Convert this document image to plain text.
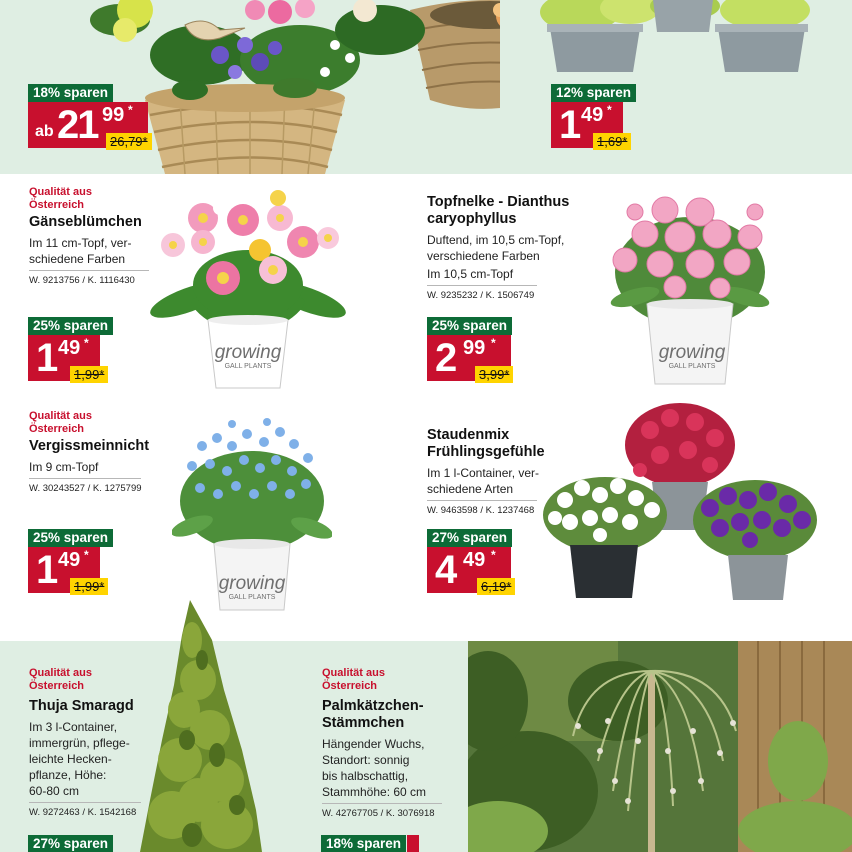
18% sparen
ab 21 99 *
26,79*
12% sparen
1 49 *
1,69*
Qualität aus
Österreich
Gänseblümchen
Im 11 cm-Topf, ver-
schiedene Farben
W. 9213756 / K. 1116430
growing
GALL PLANTS
25% sparen
1 49 *
1,99*
Topfnelke - Dianthus
caryophyllus
Duftend, im 10,5 cm-Topf,
verschiedene Farben
Im 10,5 cm-Topf
W. 9235232 / K. 1506749
growing
GALL PLANTS
25% sparen
2 99 *
3,99*
Qualität aus
Österreich
Vergissmeinnicht
Im 9 cm-Topf
W. 30243527 / K. 1275799
growing
GALL PLANTS
25% sparen
1 49 *
1,99*
Staudenmix
Frühlingsgefühle
Im 1 l-Container, ver-
schiedene Arten
W. 9463598 / K. 1237468
27% sparen
4 49 *
6,19*
Qualität aus
Österreich
Thuja Smaragd
Im 3 l-Container,
immergrün, pflege-
leichte Hecken-
pflanze, Höhe:
60-80 cm
W. 9272463 / K. 1542168
27% sparen
Qualität aus
Österreich
Palmkätzchen-
Stämmchen
Hängender Wuchs,
Standort: sonnig
bis halbschattig,
Stammhöhe: 60 cm
W. 42767705 / K. 3076918
18% sparen
